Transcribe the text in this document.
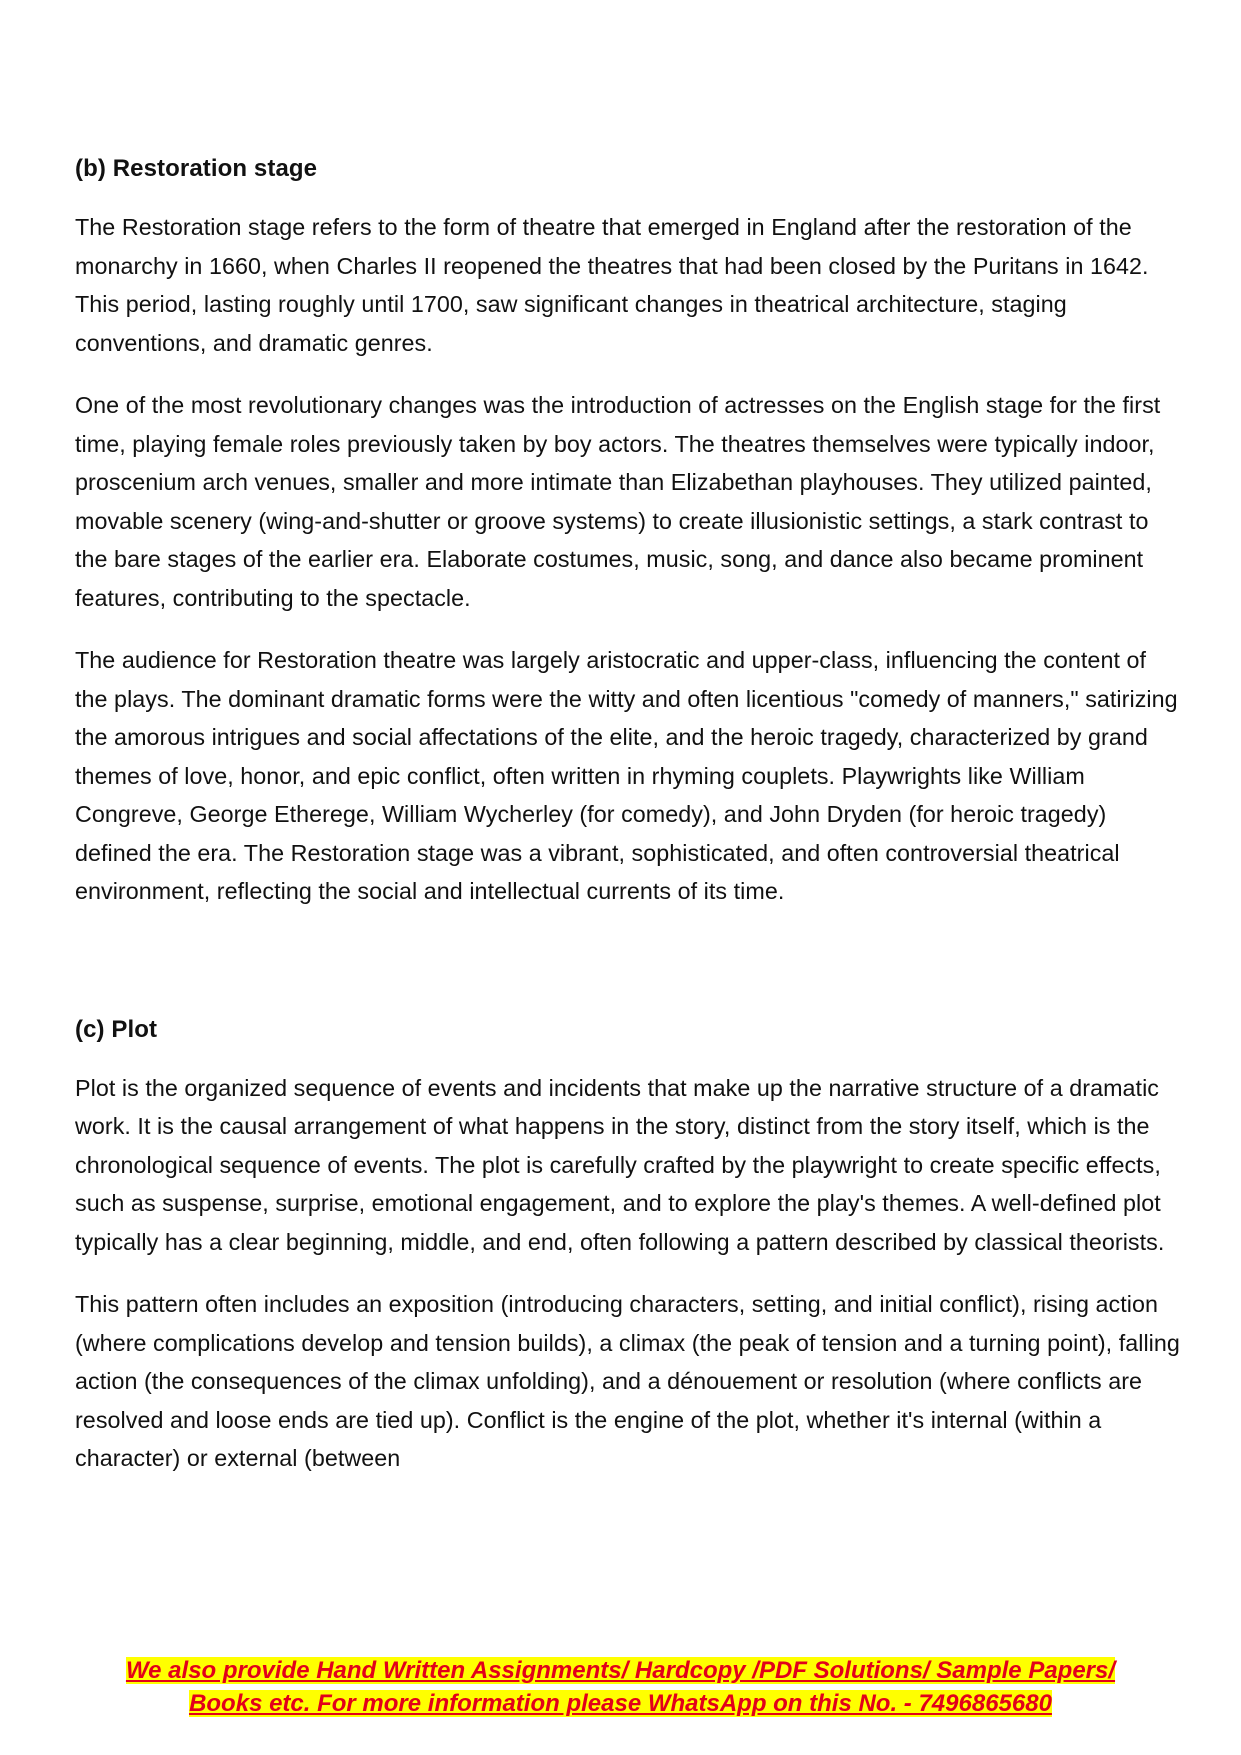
(b) Restoration stage

The Restoration stage refers to the form of theatre that emerged in England after the restoration of the monarchy in 1660, when Charles II reopened the theatres that had been closed by the Puritans in 1642. This period, lasting roughly until 1700, saw significant changes in theatrical architecture, staging conventions, and dramatic genres.

One of the most revolutionary changes was the introduction of actresses on the English stage for the first time, playing female roles previously taken by boy actors. The theatres themselves were typically indoor, proscenium arch venues, smaller and more intimate than Elizabethan playhouses. They utilized painted, movable scenery (wing-and-shutter or groove systems) to create illusionistic settings, a stark contrast to the bare stages of the earlier era. Elaborate costumes, music, song, and dance also became prominent features, contributing to the spectacle.

The audience for Restoration theatre was largely aristocratic and upper-class, influencing the content of the plays. The dominant dramatic forms were the witty and often licentious "comedy of manners," satirizing the amorous intrigues and social affectations of the elite, and the heroic tragedy, characterized by grand themes of love, honor, and epic conflict, often written in rhyming couplets. Playwrights like William Congreve, George Etherege, William Wycherley (for comedy), and John Dryden (for heroic tragedy) defined the era. The Restoration stage was a vibrant, sophisticated, and often controversial theatrical environment, reflecting the social and intellectual currents of its time.

(c) Plot

Plot is the organized sequence of events and incidents that make up the narrative structure of a dramatic work. It is the causal arrangement of what happens in the story, distinct from the story itself, which is the chronological sequence of events. The plot is carefully crafted by the playwright to create specific effects, such as suspense, surprise, emotional engagement, and to explore the play's themes. A well-defined plot typically has a clear beginning, middle, and end, often following a pattern described by classical theorists.

This pattern often includes an exposition (introducing characters, setting, and initial conflict), rising action (where complications develop and tension builds), a climax (the peak of tension and a turning point), falling action (the consequences of the climax unfolding), and a dénouement or resolution (where conflicts are resolved and loose ends are tied up). Conflict is the engine of the plot, whether it's internal (within a character) or external (between

We also provide Hand Written Assignments/ Hardcopy /PDF Solutions/ Sample Papers/
Books etc. For more information please WhatsApp on this No. - 7496865680
